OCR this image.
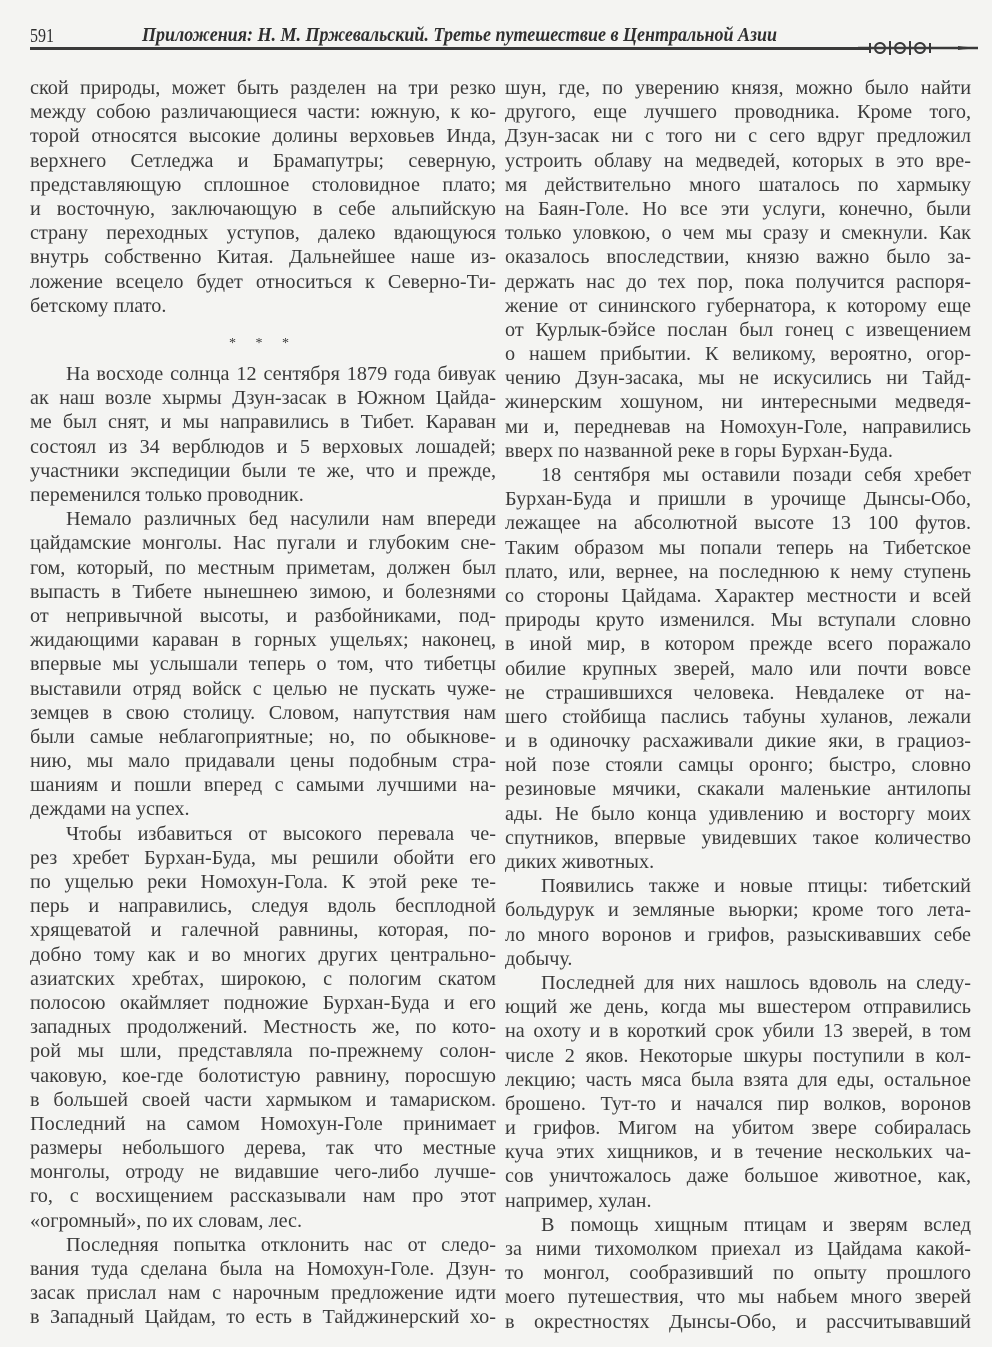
591	Приложения: Н. М. Пржевальский. Третье путешествие в Центральной Азии
ской природы, может быть разделен на три резко
между собою различающиеся части: южную, к ко-
торой относятся высокие долины верховьев Инда,
верхнего Сетледжа и Брамапутры; северную,
представляющую сплошное столовидное плато;
и восточную, заключающую в себе альпийскую
страну переходных уступов, далеко вдающуюся
внутрь собственно Китая. Дальнейшее наше из-
ложение всецело будет относиться к Северно-Ти-
бетскому плато.
* * *
На восходе солнца 12 сентября 1879 года бивуак
ак наш возле хырмы Дзун-засак в Южном Цайда-
ме был снят, и мы направились в Тибет. Караван
состоял из 34 верблюдов и 5 верховых лошадей;
участники экспедиции были те же, что и прежде,
переменился только проводник.
Немало различных бед насулили нам впереди
цайдамские монголы. Нас пугали и глубоким сне-
гом, который, по местным приметам, должен был
выпасть в Тибете нынешнею зимою, и болезнями
от непривычной высоты, и разбойниками, под-
жидающими караван в горных ущельях; наконец,
впервые мы услышали теперь о том, что тибетцы
выставили отряд войск с целью не пускать чуже-
земцев в свою столицу. Словом, напутствия нам
были самые неблагоприятные; но, по обыкнове-
нию, мы мало придавали цены подобным стра-
шаниям и пошли вперед с самыми лучшими на-
деждами на успех.
Чтобы избавиться от высокого перевала че-
рез хребет Бурхан-Буда, мы решили обойти его
по ущелью реки Номохун-Гола. К этой реке те-
перь и направились, следуя вдоль бесплодной
хрящеватой и галечной равнины, которая, по-
добно тому как и во многих других центрально-
азиатских хребтах, широкою, с пологим скатом
полосою окаймляет подножие Бурхан-Буда и его
западных продолжений. Местность же, по кото-
рой мы шли, представляла по-прежнему солон-
чаковую, кое-где болотистую равнину, поросшую
в большей своей части хармыком и тамариском.
Последний на самом Номохун-Голе принимает
размеры небольшого дерева, так что местные
монголы, отроду не видавшие чего-либо лучше-
го, с восхищением рассказывали нам про этот
«огромный», по их словам, лес.
Последняя попытка отклонить нас от следо-
вания туда сделана была на Номохун-Голе. Дзун-
засак прислал нам с нарочным предложение идти
в Западный Цайдам, то есть в Тайджинерский хо-
шун, где, по уверению князя, можно было найти
другого, еще лучшего проводника. Кроме того,
Дзун-засак ни с того ни с сего вдруг предложил
устроить облаву на медведей, которых в это вре-
мя действительно много шаталось по хармыку
на Баян-Голе. Но все эти услуги, конечно, были
только уловкою, о чем мы сразу и смекнули. Как
оказалось впоследствии, князю важно было за-
держать нас до тех пор, пока получится распоря-
жение от сининского губернатора, к которому еще
от Курлык-бэйсе послан был гонец с извещением
о нашем прибытии. К великому, вероятно, огор-
чению Дзун-засака, мы не искусились ни Тайд-
жинерским хошуном, ни интересными медведя-
ми и, передневав на Номохун-Голе, направились
вверх по названной реке в горы Бурхан-Буда.
18 сентября мы оставили позади себя хребет
Бурхан-Буда и пришли в урочище Дынсы-Обо,
лежащее на абсолютной высоте 13 100 футов.
Таким образом мы попали теперь на Тибетское
плато, или, вернее, на последнюю к нему ступень
со стороны Цайдама. Характер местности и всей
природы круто изменился. Мы вступали словно
в иной мир, в котором прежде всего поражало
обилие крупных зверей, мало или почти вовсе
не страшившихся человека. Невдалеке от на-
шего стойбища паслись табуны хуланов, лежали
и в одиночку расхаживали дикие яки, в грациоз-
ной позе стояли самцы оронго; быстро, словно
резиновые мячики, скакали маленькие антилопы
ады. Не было конца удивлению и восторгу моих
спутников, впервые увидевших такое количество
диких животных.
Появились также и новые птицы: тибетский
больдурук и земляные вьюрки; кроме того лета-
ло много воронов и грифов, разыскивавших себе
добычу.
Последней для них нашлось вдоволь на следу-
ющий же день, когда мы вшестером отправились
на охоту и в короткий срок убили 13 зверей, в том
числе 2 яков. Некоторые шкуры поступили в кол-
лекцию; часть мяса была взята для еды, остальное
брошено. Тут-то и начался пир волков, воронов
и грифов. Мигом на убитом звере собиралась
куча этих хищников, и в течение нескольких ча-
сов уничтожалось даже большое животное, как,
например, хулан.
В помощь хищным птицам и зверям вслед
за ними тихомолком приехал из Цайдама какой-
то монгол, сообразивший по опыту прошлого
моего путешествия, что мы набьем много зверей
в окрестностях Дынсы-Обо, и рассчитывавший
